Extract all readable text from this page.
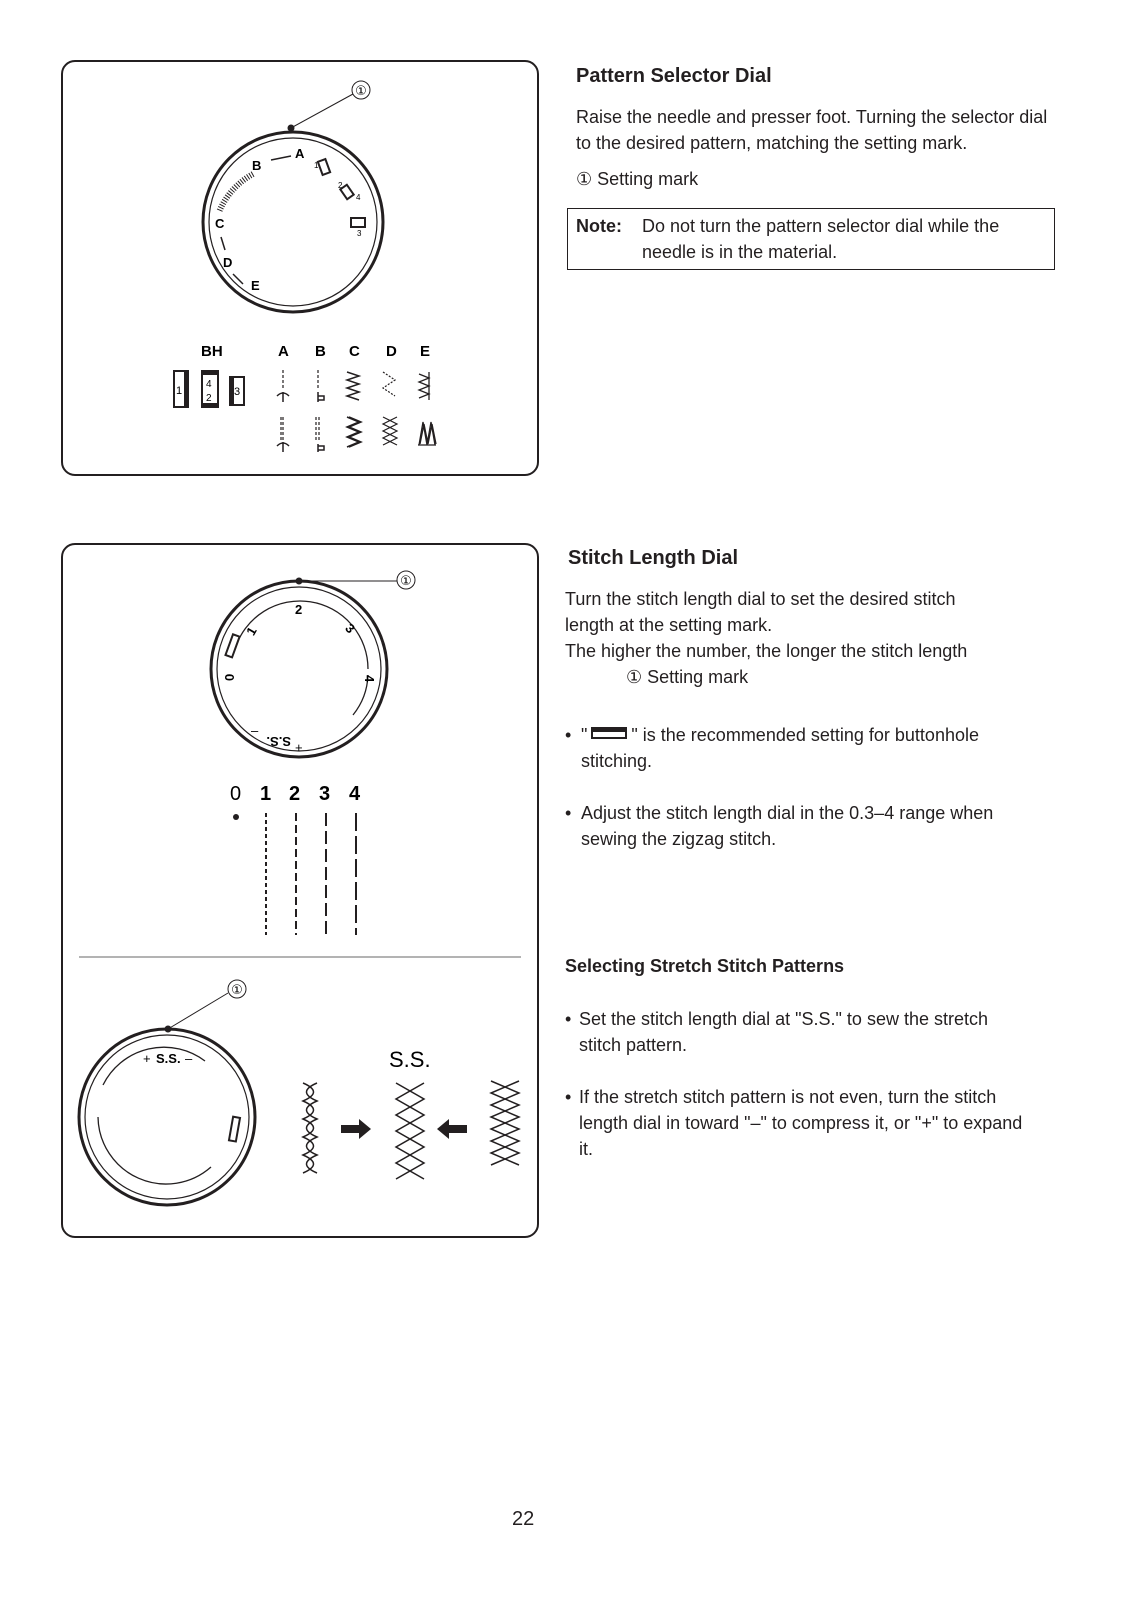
①
A
B
C
D
E
1
2
4
3
BH	A B C D E
1
4
2
3
Pattern Selector Dial
Raise the needle and presser foot. Turning the selector dial to the desired pattern, matching the setting mark.
① Setting mark
Note: Do not turn the pattern selector dial while the needle is in the material.
①
2
3
4
1
0
S.S. +
–
0 1 2 3 4
①
S.S.
+	–	S.S.
Stitch Length Dial
Turn the stitch length dial to set the desired stitch
length at the setting mark.
The higher the number, the longer the stitch length
① Setting mark
• " " is the recommended setting for buttonhole stitching.
• Adjust the stitch length dial in the 0.3–4 range when sewing the zigzag stitch.
Selecting Stretch Stitch Patterns
• Set the stitch length dial at "S.S." to sew the stretch stitch pattern.
• If the stretch stitch pattern is not even, turn the stitch length dial in toward "–" to compress it, or "+" to expand it.
22
